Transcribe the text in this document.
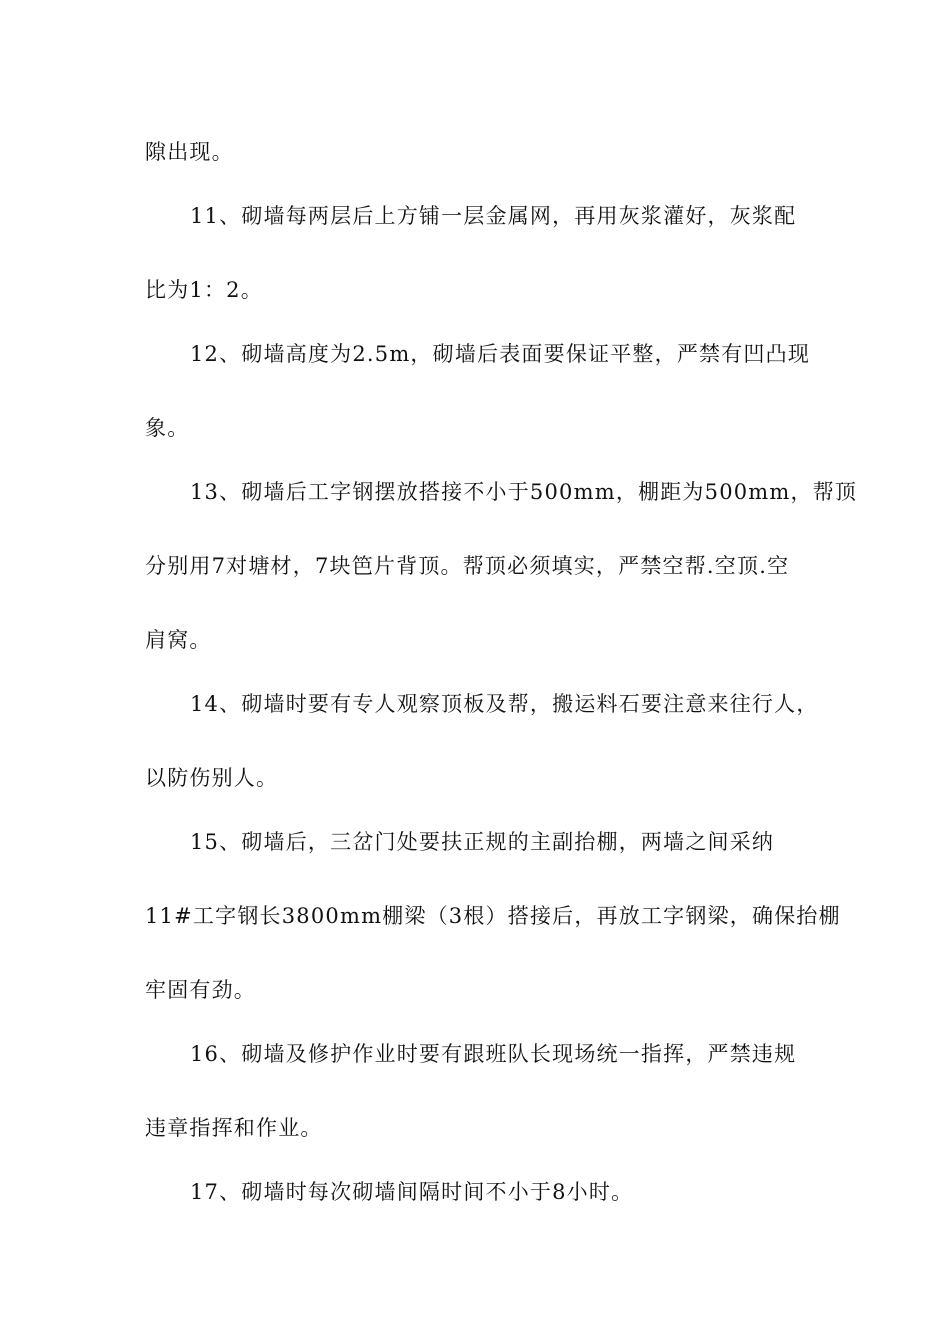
隙出现。
11、砌墙每两层后上方铺一层金属网，再用灰浆灌好，灰浆配
比为1：2。
12、砌墙高度为2.5m，砌墙后表面要保证平整，严禁有凹凸现
象。
13、砌墙后工字钢摆放搭接不小于500mm，棚距为500mm，帮顶
分别用7对塘材，7块笆片背顶。帮顶必须填实，严禁空帮.空顶.空
肩窝。
14、砌墙时要有专人观察顶板及帮，搬运料石要注意来往行人，
以防伤别人。
15、砌墙后，三岔门处要扶正规的主副抬棚，两墙之间采纳
11#工字钢长3800mm棚梁（3根）搭接后，再放工字钢梁，确保抬棚
牢固有劲。
16、砌墙及修护作业时要有跟班队长现场统一指挥，严禁违规
违章指挥和作业。
17、砌墙时每次砌墙间隔时间不小于8小时。
